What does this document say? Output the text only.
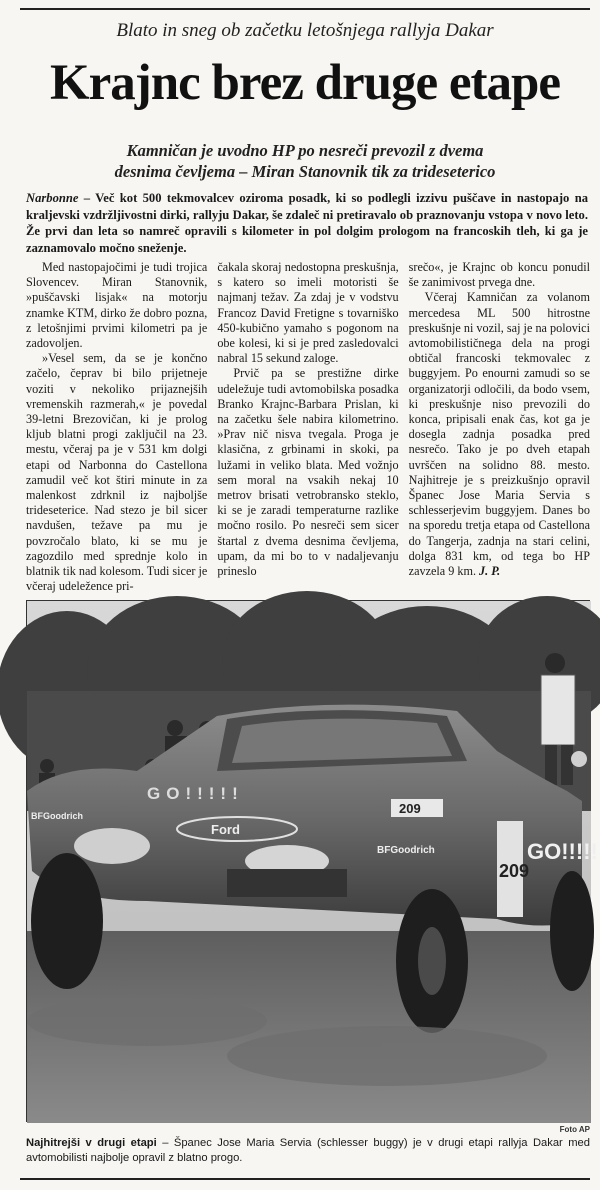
Blato in sneg ob začetku letošnjega rallyja Dakar
Krajnc brez druge etape
Kamničan je uvodno HP po nesreči prevozil z dvema
desnima čevljema – Miran Stanovnik tik za trideseterico

Narbonne – Več kot 500 tekmovalcev oziroma posadk, ki so podlegli izzivu puščave in nastopajo na kraljevski vzdržljivostni dirki, rallyju Dakar, še zdaleč ni pretiravalo ob praznovanju vstopa v novo leto. Že prvi dan leta so namreč opravili s kilometer in pol dolgim prologom na francoskih tleh, ki ga je zaznamovalo močno sneženje.

Med nastopajočimi je tudi trojica Slovencev. Miran Stanovnik, »puščavski lisjak« na motorju znamke KTM, dirko že dobro pozna, z letošnjimi prvimi kilometri pa je zadovoljen.

»Vesel sem, da se je končno začelo, čeprav bi bilo prijetneje voziti v nekoliko prijaznejših vremenskih razmerah,« je povedal 39-letni Brezovičan, ki je prolog kljub blatni progi zaključil na 23. mestu, včeraj pa je v 531 km dolgi etapi od Narbonna do Castellona zamudil več kot štiri minute in za malenkost zdrknil iz najboljše trideseterice. Nad stezo je bil sicer navdušen, težave pa mu je povzročalo blato, ki se mu je zagozdilo med sprednje kolo in blatnik tik nad kolesom. Tudi sicer je včeraj udeležence pri-

čakala skoraj nedostopna preskušnja, s katero so imeli motoristi še najmanj težav. Za zdaj je v vodstvu Francoz David Fretigne s tovarniško 450-kubično yamaho s pogonom na obe kolesi, ki si je pred zasledovalci nabral 15 sekund zaloge.

Prvič pa se prestižne dirke udeležuje tudi avtomobilska posadka Branko Krajnc-Barbara Prislan, ki na začetku šele nabira kilometrino. »Prav nič nisva tvegala. Proga je klasična, z grbinami in skoki, pa lužami in veliko blata. Med vožnjo sem moral na vsakih nekaj 10 metrov brisati vetrobransko steklo, ki se je zaradi temperaturne razlike močno rosilo. Po nesreči sem sicer štartal z dvema desnima čevljema, upam, da mi bo to v nadaljevanju prineslo

srečo«, je Krajnc ob koncu ponudil še zanimivost prvega dne.

Včeraj Kamničan za volanom mercedesa ML 500 hitrostne preskušnje ni vozil, saj je na polovici avtomobilističnega dela na progi obtičal francoski tekmovalec z buggyjem. Po enourni zamudi so se organizatorji odločili, da bodo vsem, ki preskušnje niso prevozili do konca, pripisali enak čas, kot ga je dosegla zadnja posadka pred nesrečo. Tako je po dveh etapah uvrščen na solidno 88. mesto. Najhitreje je s preizkušnjo opravil Španec Jose Maria Servia s schlesserjevim buggyjem. Danes bo na sporedu tretja etapa od Castellona do Tangerja, zadnja na stari celini, dolga 831 km, od tega bo HP zavzela 9 km. J. P.

Ford
GO!!!!!
BFGoodrich
BFGoodrich
209
209
GO!!!!!
Foto AP

Najhitrejši v drugi etapi – Španec Jose Maria Servia (schlesser buggy) je v drugi etapi rallyja Dakar med avtomobilisti najbolje opravil z blatno progo.
